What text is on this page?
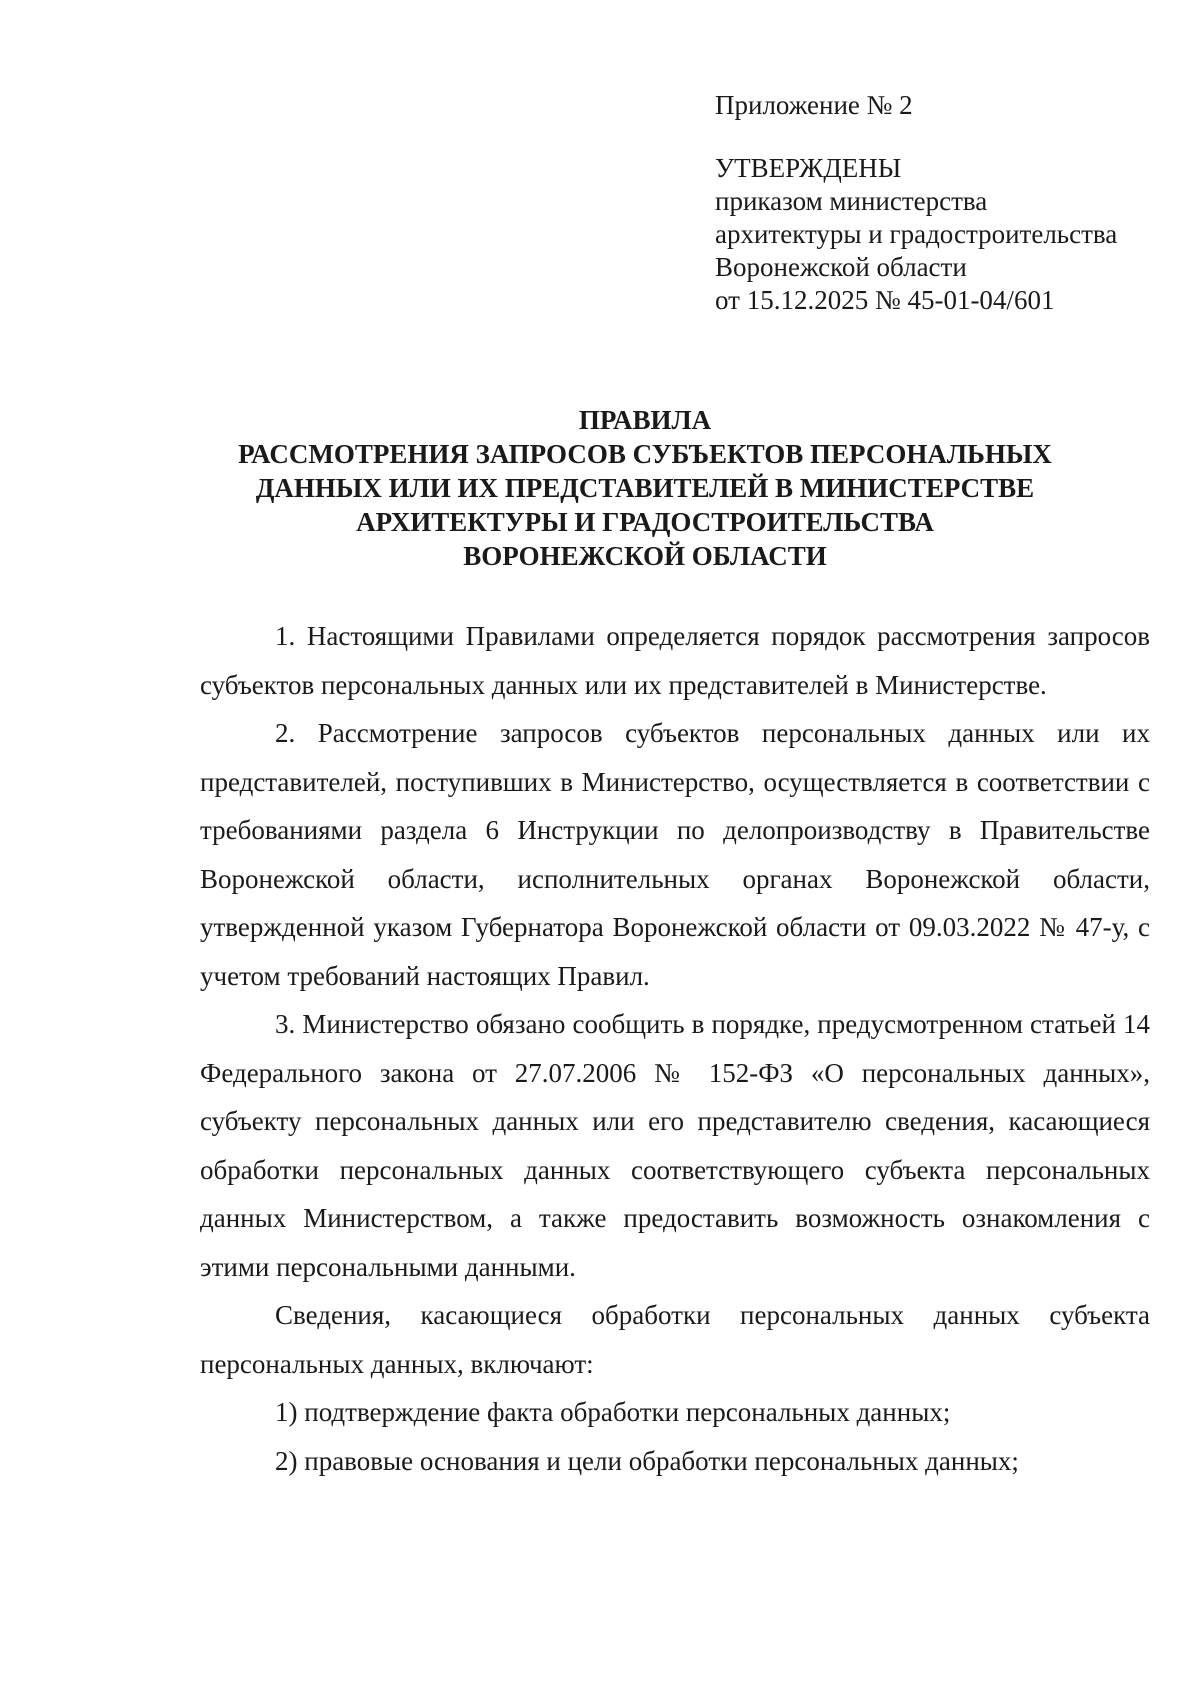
Приложение № 2
УТВЕРЖДЕНЫ
приказом министерства
архитектуры и градостроительства
Воронежской области
от 15.12.2025 № 45-01-04/601
ПРАВИЛА
РАССМОТРЕНИЯ ЗАПРОСОВ СУБЪЕКТОВ ПЕРСОНАЛЬНЫХ
ДАННЫХ ИЛИ ИХ ПРЕДСТАВИТЕЛЕЙ В МИНИСТЕРСТВЕ
АРХИТЕКТУРЫ И ГРАДОСТРОИТЕЛЬСТВА
ВОРОНЕЖСКОЙ ОБЛАСТИ

1. Настоящими Правилами определяется порядок рассмотрения запросов субъектов персональных данных или их представителей в Министерстве.

2. Рассмотрение запросов субъектов персональных данных или их представителей, поступивших в Министерство, осуществляется в соответствии с требованиями раздела 6 Инструкции по делопроизводству в Правительстве Воронежской области, исполнительных органах Воронежской области, утвержденной указом Губернатора Воронежской области от 09.03.2022 № 47-у, с учетом требований настоящих Правил.

3. Министерство обязано сообщить в порядке, предусмотренном статьей 14 Федерального закона от 27.07.2006 № 152-ФЗ «О персональных данных», субъекту персональных данных или его представителю сведения, касающиеся обработки персональных данных соответствующего субъекта персональных данных Министерством, а также предоставить возможность ознакомления с этими персональными данными.

Сведения, касающиеся обработки персональных данных субъекта персональных данных, включают:

1) подтверждение факта обработки персональных данных;

2) правовые основания и цели обработки персональных данных;
